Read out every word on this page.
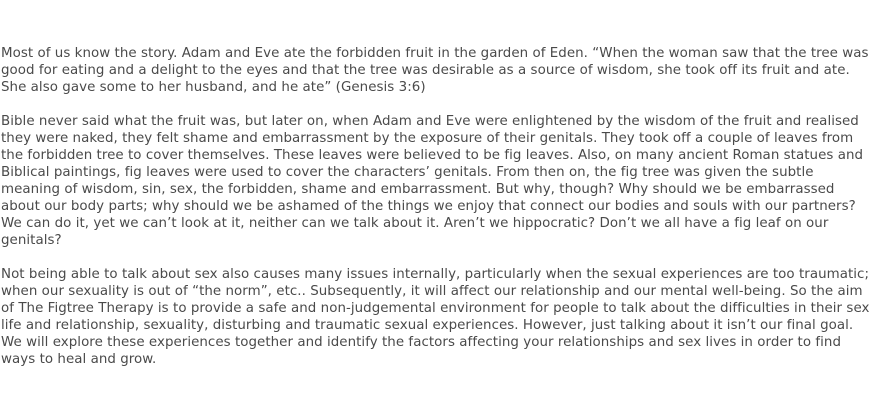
Most of us know the story. Adam and Eve ate the forbidden fruit in the garden of Eden. “When the woman saw that the tree was good for eating and a delight to the eyes and that the tree was desirable as a source of wisdom, she took off its fruit and ate. She also gave some to her husband, and he ate” (Genesis 3:6)

Bible never said what the fruit was, but later on, when Adam and Eve were enlightened by the wisdom of the fruit and realised they were naked, they felt shame and embarrassment by the exposure of their genitals. They took off a couple of leaves from the forbidden tree to cover themselves. These leaves were believed to be fig leaves. Also, on many ancient Roman statues and Biblical paintings, fig leaves were used to cover the characters’ genitals. From then on, the fig tree was given the subtle meaning of wisdom, sin, sex, the forbidden, shame and embarrassment. But why, though? Why should we be embarrassed about our body parts; why should we be ashamed of the things we enjoy that connect our bodies and souls with our partners? We can do it, yet we can’t look at it, neither can we talk about it. Aren’t we hippocratic? Don’t we all have a fig leaf on our genitals?

Not being able to talk about sex also causes many issues internally, particularly when the sexual experiences are too traumatic; when our sexuality is out of “the norm”, etc.. Subsequently, it will affect our relationship and our mental well-being. So the aim of The Figtree Therapy is to provide a safe and non-judgemental environment for people to talk about the difficulties in their sex life and relationship, sexuality, disturbing and traumatic sexual experiences. However, just talking about it isn’t our final goal. We will explore these experiences together and identify the factors affecting your relationships and sex lives in order to find ways to heal and grow.
